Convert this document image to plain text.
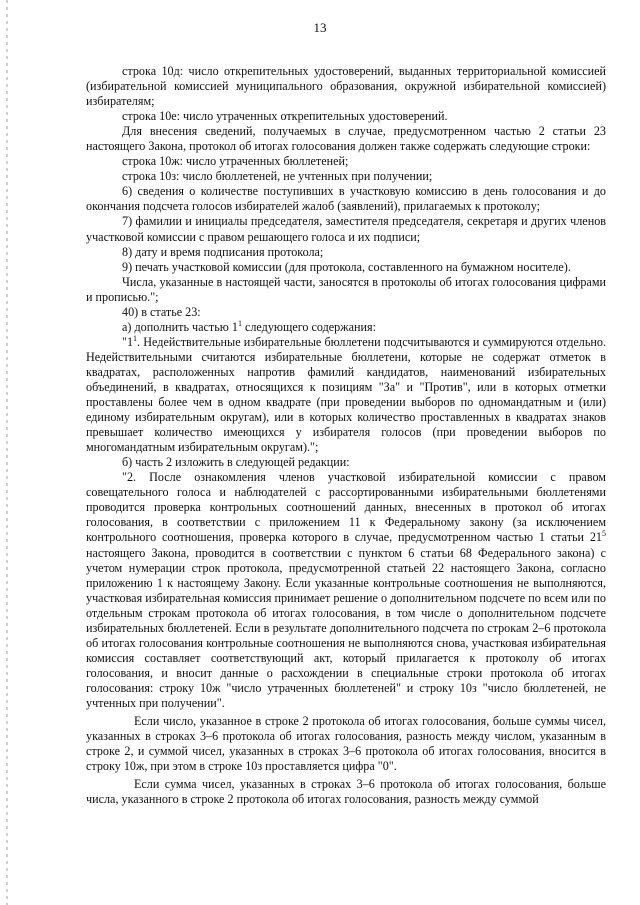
13

строка 10д: число открепительных удостоверений, выданных территориальной комиссией (избирательной комиссией муниципального образования, окружной избирательной комиссией) избирателям;

строка 10е: число утраченных открепительных удостоверений.

Для внесения сведений, получаемых в случае, предусмотренном частью 2 статьи 23 настоящего Закона, протокол об итогах голосования должен также содержать следующие строки:

строка 10ж: число утраченных бюллетеней;

строка 10з: число бюллетеней, не учтенных при получении;

6) сведения о количестве поступивших в участковую комиссию в день голосования и до окончания подсчета голосов избирателей жалоб (заявлений), прилагаемых к протоколу;

7) фамилии и инициалы председателя, заместителя председателя, секретаря и других членов участковой комиссии с правом решающего голоса и их подписи;

8) дату и время подписания протокола;

9) печать участковой комиссии (для протокола, составленного на бумажном носителе).

Числа, указанные в настоящей части, заносятся в протоколы об итогах голосования цифрами и прописью.";

40) в статье 23:

а) дополнить частью $1^1$ следующего содержания:

"$1^1$. Недействительные избирательные бюллетени подсчитываются и суммируются отдельно. Недействительными считаются избирательные бюллетени, которые не содержат отметок в квадратах, расположенных напротив фамилий кандидатов, наименований избирательных объединений, в квадратах, относящихся к позициям "За" и "Против", или в которых отметки проставлены более чем в одном квадрате (при проведении выборов по одномандатным и (или) единому избирательным округам), или в которых количество проставленных в квадратах знаков превышает количество имеющихся у избирателя голосов (при проведении выборов по многомандатным избирательным округам).";

б) часть 2 изложить в следующей редакции:

"2. После ознакомления членов участковой избирательной комиссии с правом совещательного голоса и наблюдателей с рассортированными избирательными бюллетенями проводится проверка контрольных соотношений данных, внесенных в протокол об итогах голосования, в соответствии с приложением 11 к Федеральному закону (за исключением контрольного соотношения, проверка которого в случае, предусмотренном частью 1 статьи $21^5$ настоящего Закона, проводится в соответствии с пунктом 6 статьи 68 Федерального закона) с учетом нумерации строк протокола, предусмотренной статьей 22 настоящего Закона, согласно приложению 1 к настоящему Закону. Если указанные контрольные соотношения не выполняются, участковая избирательная комиссия принимает решение о дополнительном подсчете по всем или по отдельным строкам протокола об итогах голосования, в том числе о дополнительном подсчете избирательных бюллетеней. Если в результате дополнительного подсчета по строкам 2–6 протокола об итогах голосования контрольные соотношения не выполняются снова, участковая избирательная комиссия составляет соответствующий акт, который прилагается к протоколу об итогах голосования, и вносит данные о расхождении в специальные строки протокола об итогах голосования: строку 10ж "число утраченных бюллетеней" и строку 10з "число бюллетеней, не учтенных при получении".

Если число, указанное в строке 2 протокола об итогах голосования, больше суммы чисел, указанных в строках 3–6 протокола об итогах голосования, разность между числом, указанным в строке 2, и суммой чисел, указанных в строках 3–6 протокола об итогах голосования, вносится в строку 10ж, при этом в строке 10з проставляется цифра "0".

Если сумма чисел, указанных в строках 3–6 протокола об итогах голосования, больше числа, указанного в строке 2 протокола об итогах голосования, разность между суммой
